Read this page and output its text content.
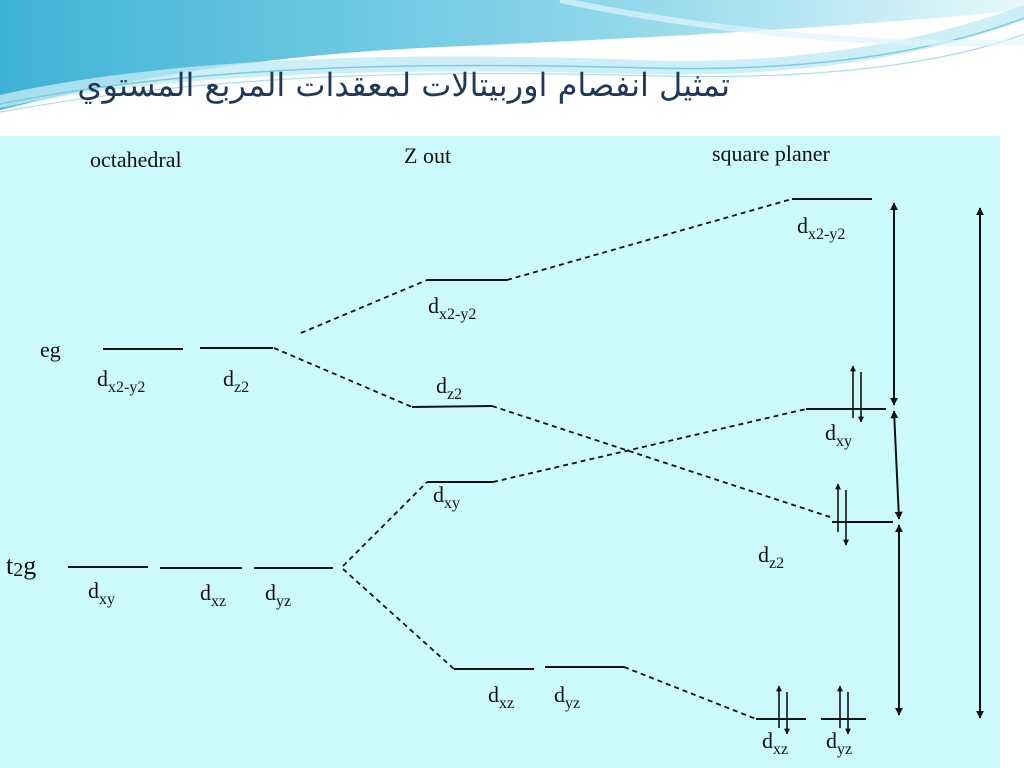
تمثيل انفصام اوربيتالات لمعقدات المربع المستوي
octahedral	Z out	square planer
eg
$d_{x2-y2}$	$d_{z2}$
t2g
$d_{xy}$	$d_{xz}$ $d_{yz}$
$d_{x2-y2}$
$d_{z2}$
$d_{xy}$
$d_{xz}$ $d_{yz}$
$d_{x2-y2}$
$d_{xy}$
$d_{z2}$
$d_{xz}$ $d_{yz}$
